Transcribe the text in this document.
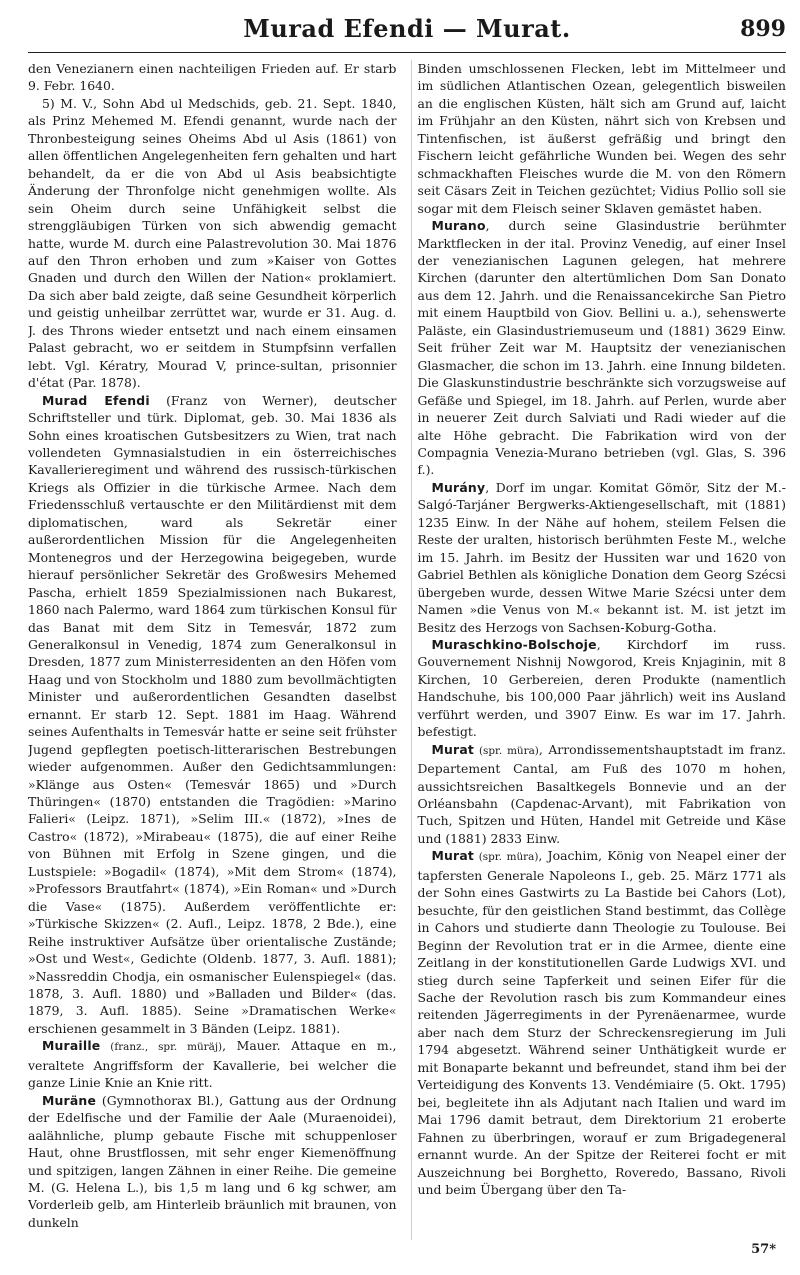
Murad Efendi — Murat.	899

den Venezianern einen nachteiligen Frieden auf. Er starb 9. Febr. 1640.

5) M. V., Sohn Abd ul Medschids, geb. 21. Sept. 1840, als Prinz Mehemed M. Efendi genannt, wurde nach der Thronbesteigung seines Oheims Abd ul Asis (1861) von allen öffentlichen Angelegenheiten fern gehalten und hart behandelt, da er die von Abd ul Asis beabsichtigte Änderung der Thronfolge nicht genehmigen wollte. Als sein Oheim durch seine Unfähigkeit selbst die strenggläubigen Türken von sich abwendig gemacht hatte, wurde M. durch eine Palastrevolution 30. Mai 1876 auf den Thron erhoben und zum »Kaiser von Gottes Gnaden und durch den Willen der Nation« proklamiert. Da sich aber bald zeigte, daß seine Gesundheit körperlich und geistig unheilbar zerrüttet war, wurde er 31. Aug. d. J. des Throns wieder entsetzt und nach einem einsamen Palast gebracht, wo er seitdem in Stumpfsinn verfallen lebt. Vgl. Kératry, Mourad V, prince-sultan, prisonnier d'état (Par. 1878).

Murad Efendi (Franz von Werner), deutscher Schriftsteller und türk. Diplomat, geb. 30. Mai 1836 als Sohn eines kroatischen Gutsbesitzers zu Wien, trat nach vollendeten Gymnasialstudien in ein österreichisches Kavallerieregiment und während des russisch-türkischen Kriegs als Offizier in die türkische Armee. Nach dem Friedensschluß vertauschte er den Militärdienst mit dem diplomatischen, ward als Sekretär einer außerordentlichen Mission für die Angelegenheiten Montenegros und der Herzegowina beigegeben, wurde hierauf persönlicher Sekretär des Großwesirs Mehemed Pascha, erhielt 1859 Spezialmissionen nach Bukarest, 1860 nach Palermo, ward 1864 zum türkischen Konsul für das Banat mit dem Sitz in Temesvár, 1872 zum Generalkonsul in Venedig, 1874 zum Generalkonsul in Dresden, 1877 zum Ministerresidenten an den Höfen vom Haag und von Stockholm und 1880 zum bevollmächtigten Minister und außerordentlichen Gesandten daselbst ernannt. Er starb 12. Sept. 1881 im Haag. Während seines Aufenthalts in Temesvár hatte er seine seit frühster Jugend gepflegten poetisch-litterarischen Bestrebungen wieder aufgenommen. Außer den Gedichtsammlungen: »Klänge aus Osten« (Temesvár 1865) und »Durch Thüringen« (1870) entstanden die Tragödien: »Marino Falieri« (Leipz. 1871), »Selim III.« (1872), »Ines de Castro« (1872), »Mirabeau« (1875), die auf einer Reihe von Bühnen mit Erfolg in Szene gingen, und die Lustspiele: »Bogadil« (1874), »Mit dem Strom« (1874), »Professors Brautfahrt« (1874), »Ein Roman« und »Durch die Vase« (1875). Außerdem veröffentlichte er: »Türkische Skizzen« (2. Aufl., Leipz. 1878, 2 Bde.), eine Reihe instruktiver Aufsätze über orientalische Zustände; »Ost und West«, Gedichte (Oldenb. 1877, 3. Aufl. 1881); »Nassreddin Chodja, ein osmanischer Eulenspiegel« (das. 1878, 3. Aufl. 1880) und »Balladen und Bilder« (das. 1879, 3. Aufl. 1885). Seine »Dramatischen Werke« erschienen gesammelt in 3 Bänden (Leipz. 1881).

Muraille (franz., spr. müräj), Mauer. Attaque en m., veraltete Angriffsform der Kavallerie, bei welcher die ganze Linie Knie an Knie ritt.

Muräne (Gymnothorax Bl.), Gattung aus der Ordnung der Edelfische und der Familie der Aale (Muraenoidei), aalähnliche, plump gebaute Fische mit schuppenloser Haut, ohne Brustflossen, mit sehr enger Kiemenöffnung und spitzigen, langen Zähnen in einer Reihe. Die gemeine M. (G. Helena L.), bis 1,5 m lang und 6 kg schwer, am Vorderleib gelb, am Hinterleib bräunlich mit braunen, von dunkeln

Binden umschlossenen Flecken, lebt im Mittelmeer und im südlichen Atlantischen Ozean, gelegentlich bisweilen an die englischen Küsten, hält sich am Grund auf, laicht im Frühjahr an den Küsten, nährt sich von Krebsen und Tintenfischen, ist äußerst gefräßig und bringt den Fischern leicht gefährliche Wunden bei. Wegen des sehr schmackhaften Fleisches wurde die M. von den Römern seit Cäsars Zeit in Teichen gezüchtet; Vidius Pollio soll sie sogar mit dem Fleisch seiner Sklaven gemästet haben.

Murano, durch seine Glasindustrie berühmter Marktflecken in der ital. Provinz Venedig, auf einer Insel der venezianischen Lagunen gelegen, hat mehrere Kirchen (darunter den altertümlichen Dom San Donato aus dem 12. Jahrh. und die Renaissancekirche San Pietro mit einem Hauptbild von Giov. Bellini u. a.), sehenswerte Paläste, ein Glasindustriemuseum und (1881) 3629 Einw. Seit früher Zeit war M. Hauptsitz der venezianischen Glasmacher, die schon im 13. Jahrh. eine Innung bildeten. Die Glaskunstindustrie beschränkte sich vorzugsweise auf Gefäße und Spiegel, im 18. Jahrh. auf Perlen, wurde aber in neuerer Zeit durch Salviati und Radi wieder auf die alte Höhe gebracht. Die Fabrikation wird von der Compagnia Venezia-Murano betrieben (vgl. Glas, S. 396 f.).

Murány, Dorf im ungar. Komitat Gömör, Sitz der M.-Salgó-Tarjáner Bergwerks-Aktiengesellschaft, mit (1881) 1235 Einw. In der Nähe auf hohem, steilem Felsen die Reste der uralten, historisch berühmten Feste M., welche im 15. Jahrh. im Besitz der Hussiten war und 1620 von Gabriel Bethlen als königliche Donation dem Georg Szécsi übergeben wurde, dessen Witwe Marie Szécsi unter dem Namen »die Venus von M.« bekannt ist. M. ist jetzt im Besitz des Herzogs von Sachsen-Koburg-Gotha.

Muraschkino-Bolschoje, Kirchdorf im russ. Gouvernement Nishnij Nowgorod, Kreis Knjaginin, mit 8 Kirchen, 10 Gerbereien, deren Produkte (namentlich Handschuhe, bis 100,000 Paar jährlich) weit ins Ausland verführt werden, und 3907 Einw. Es war im 17. Jahrh. befestigt.

Murat (spr. müra), Arrondissementshauptstadt im franz. Departement Cantal, am Fuß des 1070 m hohen, aussichtsreichen Basaltkegels Bonnevie und an der Orléansbahn (Capdenac-Arvant), mit Fabrikation von Tuch, Spitzen und Hüten, Handel mit Getreide und Käse und (1881) 2833 Einw.

Murat (spr. müra), Joachim, König von Neapel einer der tapfersten Generale Napoleons I., geb. 25. März 1771 als der Sohn eines Gastwirts zu La Bastide bei Cahors (Lot), besuchte, für den geistlichen Stand bestimmt, das Collège in Cahors und studierte dann Theologie zu Toulouse. Bei Beginn der Revolution trat er in die Armee, diente eine Zeitlang in der konstitutionellen Garde Ludwigs XVI. und stieg durch seine Tapferkeit und seinen Eifer für die Sache der Revolution rasch bis zum Kommandeur eines reitenden Jägerregiments in der Pyrenäenarmee, wurde aber nach dem Sturz der Schreckensregierung im Juli 1794 abgesetzt. Während seiner Unthätigkeit wurde er mit Bonaparte bekannt und befreundet, stand ihm bei der Verteidigung des Konvents 13. Vendémiaire (5. Okt. 1795) bei, begleitete ihn als Adjutant nach Italien und ward im Mai 1796 damit betraut, dem Direktorium 21 eroberte Fahnen zu überbringen, worauf er zum Brigadegeneral ernannt wurde. An der Spitze der Reiterei focht er mit Auszeichnung bei Borghetto, Roveredo, Bassano, Rivoli und beim Übergang über den Ta-

57*
